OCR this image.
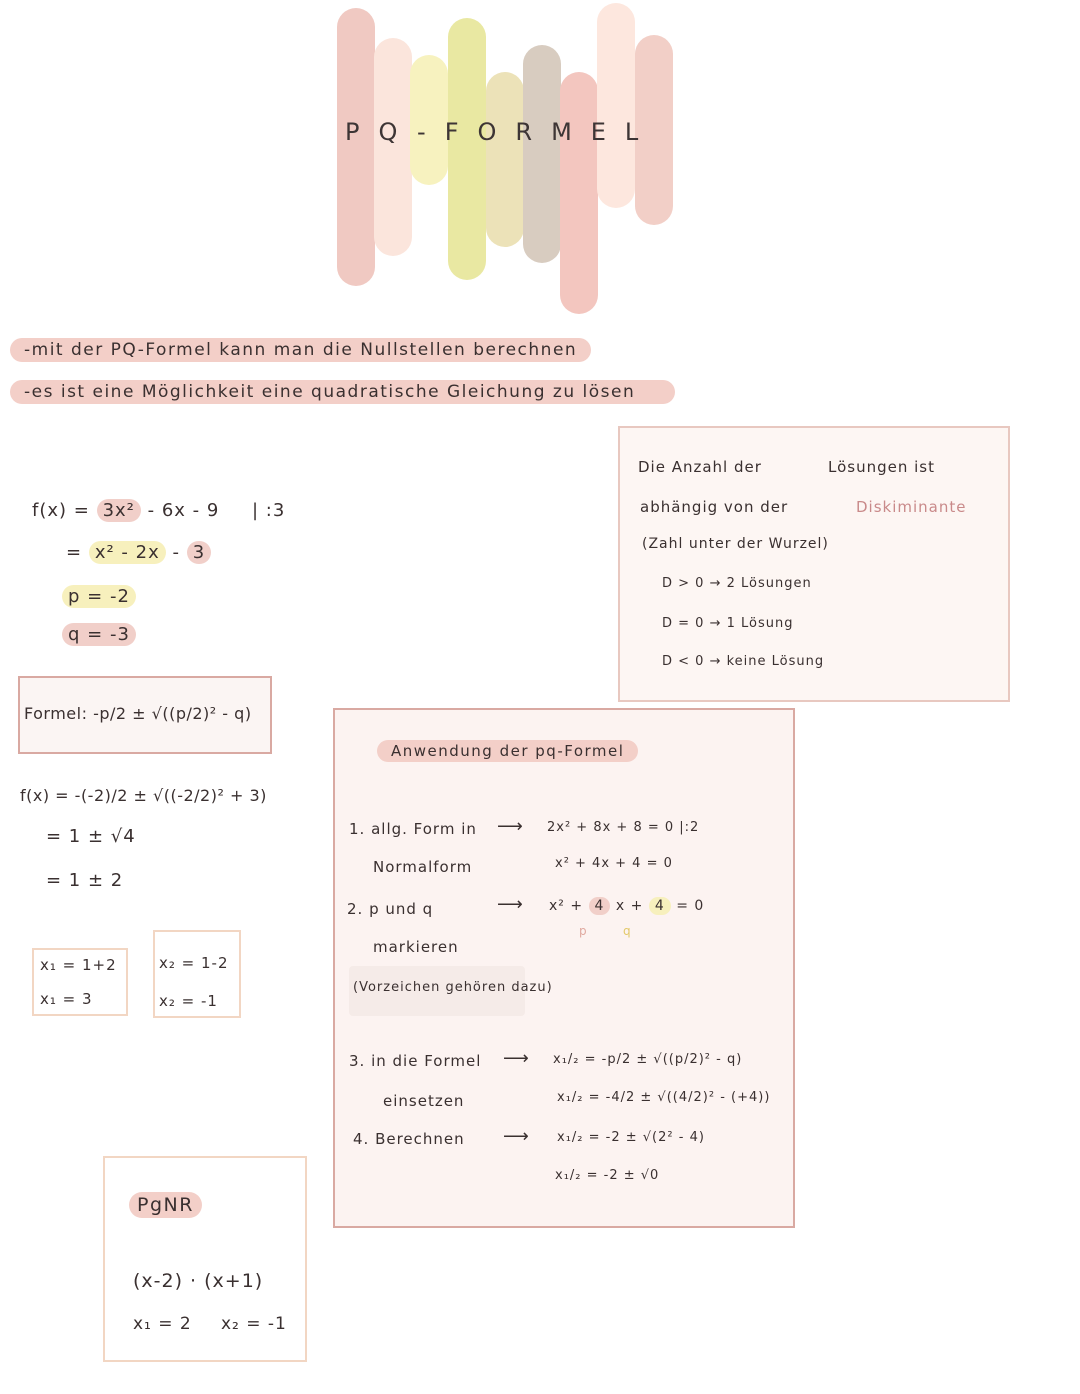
PQ-FORMEL
-mit der PQ-Formel kann man die Nullstellen berechnen
-es ist eine Möglichkeit eine quadratische Gleichung zu lösen
f(x) = 3x² - 6x - 9 | :3
= x² - 2x - 3
p = -2
q = -3
Formel: -p/2 ± √((p/2)² - q)
f(x) = -(-2)/2 ± √((-2/2)² + 3)
= 1 ± √4
= 1 ± 2
x₁ = 1+2
x₁ = 3
x₂ = 1-2
x₂ = -1
Die Anzahl der	Lösungen ist
abhängig von der	Diskiminante
(Zahl unter der Wurzel)
D > 0 → 2 Lösungen
D = 0 → 1 Lösung
D < 0 → keine Lösung
Anwendung der pq-Formel
1. allg. Form in
Normalform
⟶ 2x² + 8x + 8 = 0 |:2
x² + 4x + 4 = 0
2. p und q
markieren
⟶ x² + 4 x + 4 = 0
p	q
(Vorzeichen gehören dazu)
3. in die Formel
einsetzen
⟶
4. Berechnen ⟶
x₁/₂ = -p/2 ± √((p/2)² - q)
x₁/₂ = -4/2 ± √((4/2)² - (+4))
x₁/₂ = -2 ± √(2² - 4)
x₁/₂ = -2 ± √0
PgNR
(x-2) · (x+1)
x₁ = 2 x₂ = -1
